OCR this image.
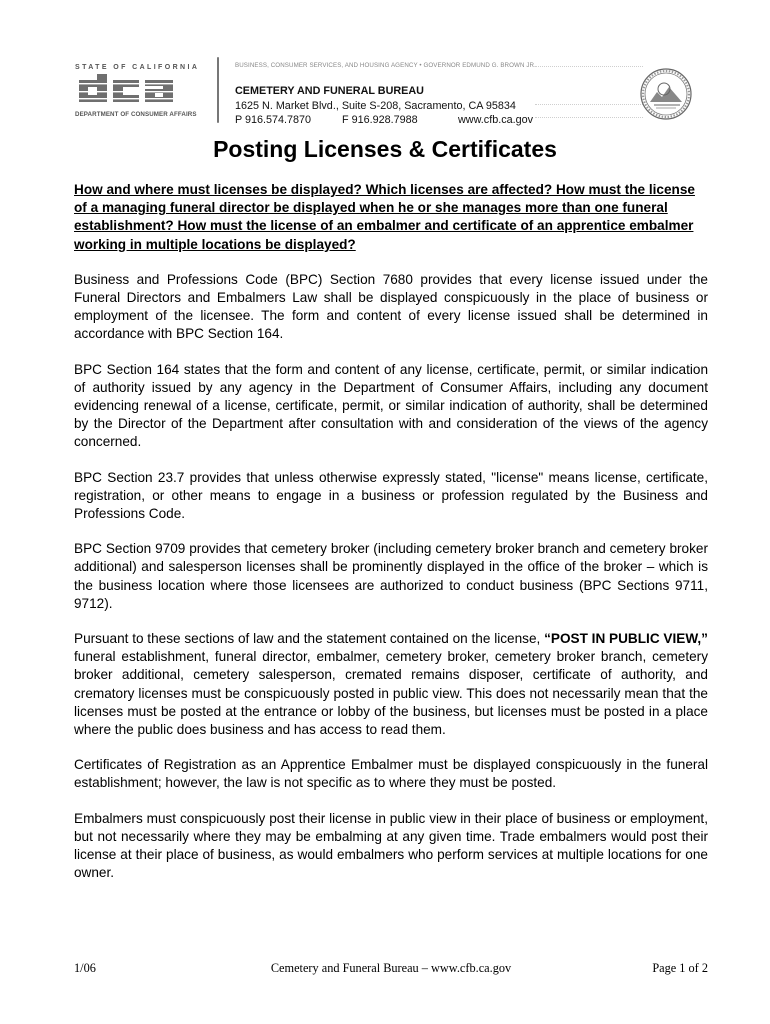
STATE OF CALIFORNIA
DEPARTMENT OF CONSUMER AFFAIRS
BUSINESS, CONSUMER SERVICES, AND HOUSING AGENCY • GOVERNOR EDMUND G. BROWN JR.
CEMETERY AND FUNERAL BUREAU
1625 N. Market Blvd., Suite S-208, Sacramento, CA 95834
P 916.574.7870	F 916.928.7988	www.cfb.ca.gov
Posting Licenses & Certificates

How and where must licenses be displayed? Which licenses are affected? How must the license of a managing funeral director be displayed when he or she manages more than one funeral establishment? How must the license of an embalmer and certificate of an apprentice embalmer working in multiple locations be displayed?

Business and Professions Code (BPC) Section 7680 provides that every license issued under the Funeral Directors and Embalmers Law shall be displayed conspicuously in the place of business or employment of the licensee. The form and content of every license issued shall be determined in accordance with BPC Section 164.

BPC Section 164 states that the form and content of any license, certificate, permit, or similar indication of authority issued by any agency in the Department of Consumer Affairs, including any document evidencing renewal of a license, certificate, permit, or similar indication of authority, shall be determined by the Director of the Department after consultation with and consideration of the views of the agency concerned.

BPC Section 23.7 provides that unless otherwise expressly stated, "license" means license, certificate, registration, or other means to engage in a business or profession regulated by the Business and Professions Code.

BPC Section 9709 provides that cemetery broker (including cemetery broker branch and cemetery broker additional) and salesperson licenses shall be prominently displayed in the office of the broker – which is the business location where those licensees are authorized to conduct business (BPC Sections 9711, 9712).

Pursuant to these sections of law and the statement contained on the license, “POST IN PUBLIC VIEW,” funeral establishment, funeral director, embalmer, cemetery broker, cemetery broker branch, cemetery broker additional, cemetery salesperson, cremated remains disposer, certificate of authority, and crematory licenses must be conspicuously posted in public view. This does not necessarily mean that the licenses must be posted at the entrance or lobby of the business, but licenses must be posted in a place where the public does business and has access to read them.

Certificates of Registration as an Apprentice Embalmer must be displayed conspicuously in the funeral establishment; however, the law is not specific as to where they must be posted.

Embalmers must conspicuously post their license in public view in their place of business or employment, but not necessarily where they may be embalming at any given time. Trade embalmers would post their license at their place of business, as would embalmers who perform services at multiple locations for one owner.

1/06	Cemetery and Funeral Bureau – www.cfb.ca.gov	Page 1 of 2
